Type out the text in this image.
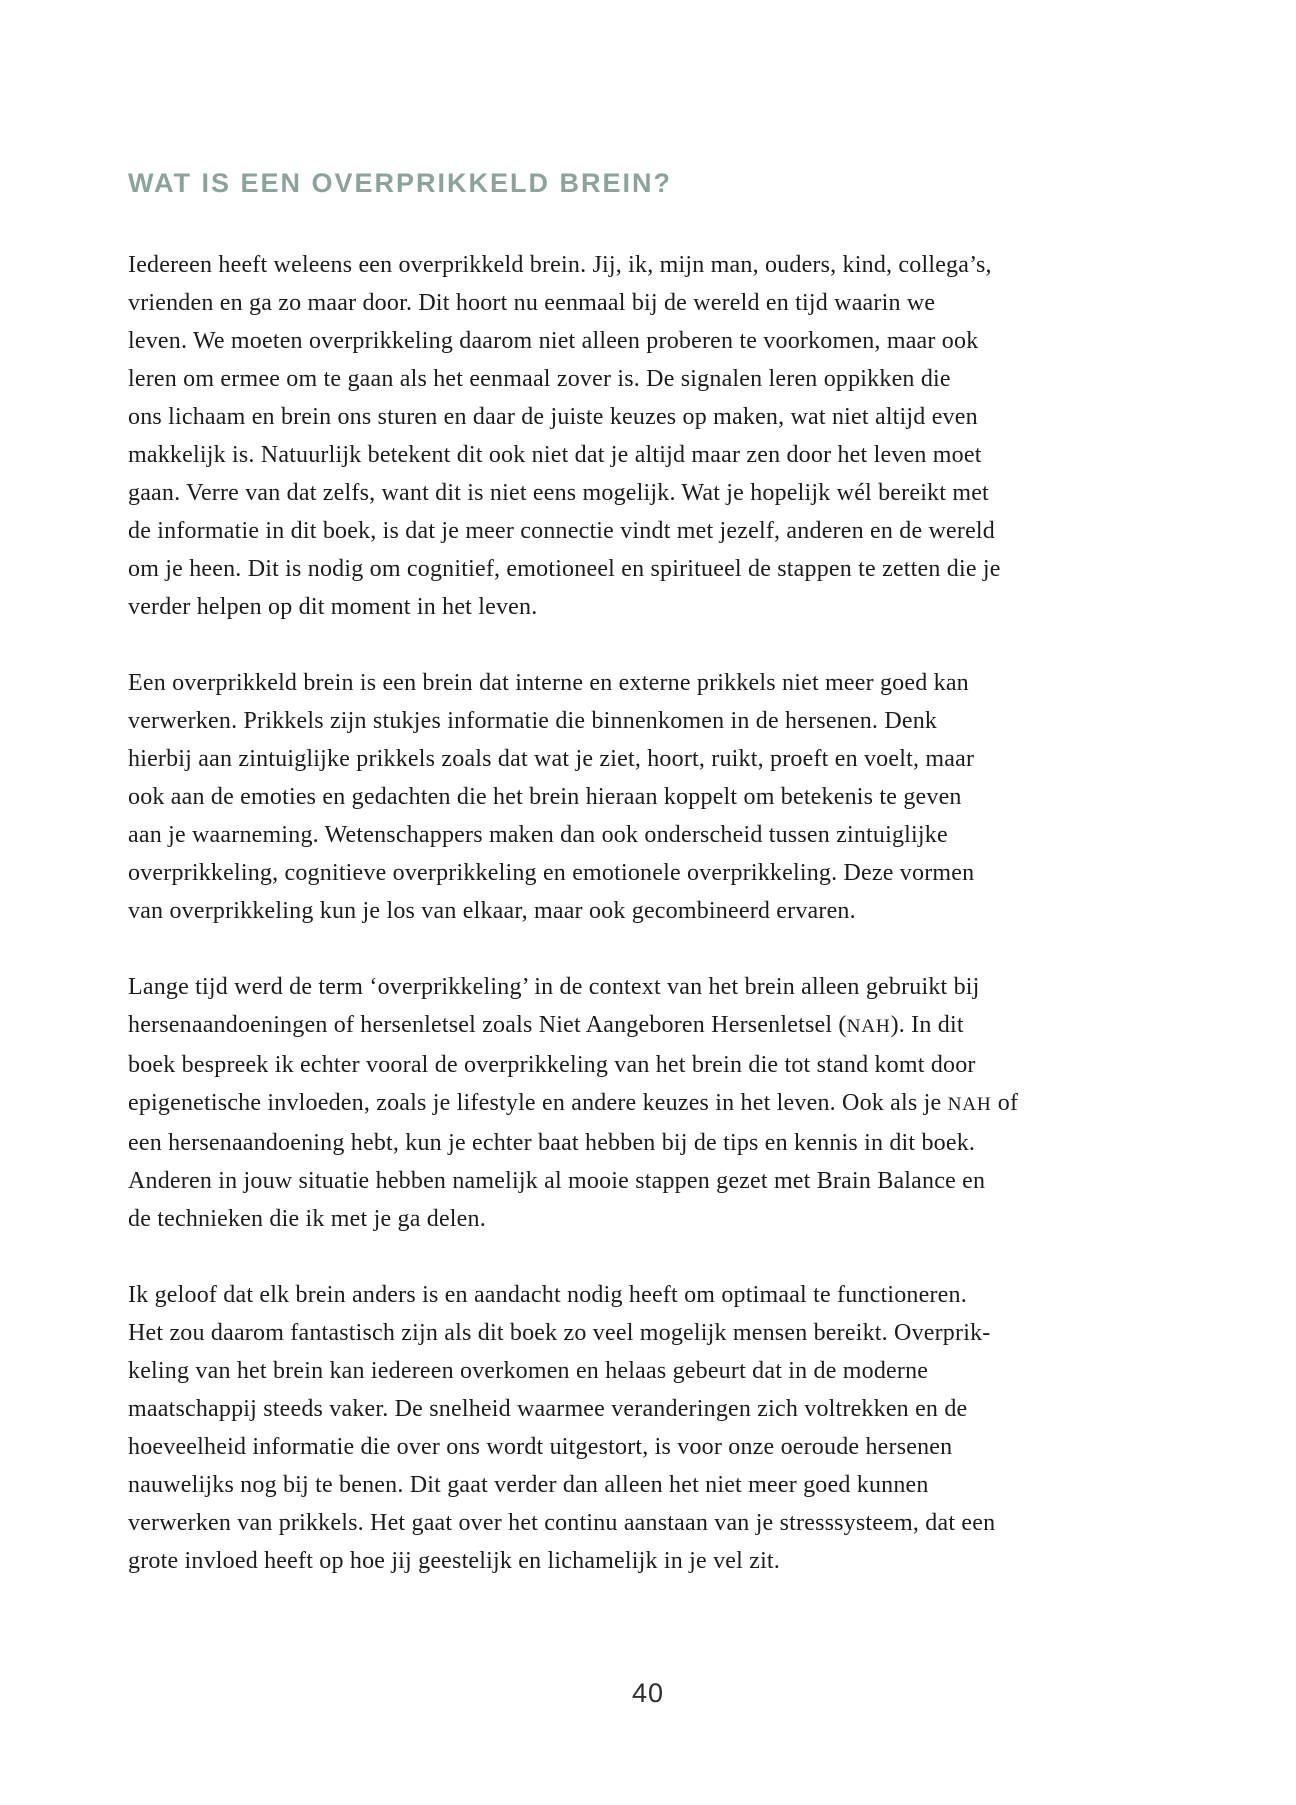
WAT IS EEN OVERPRIKKELD BREIN?

Iedereen heeft weleens een overprikkeld brein. Jij, ik, mijn man, ouders, kind, collega’s,
vrienden en ga zo maar door. Dit hoort nu eenmaal bij de wereld en tijd waarin we
leven. We moeten overprikkeling daarom niet alleen proberen te voorkomen, maar ook
leren om ermee om te gaan als het eenmaal zover is. De signalen leren oppikken die
ons lichaam en brein ons sturen en daar de juiste keuzes op maken, wat niet altijd even
makkelijk is. Natuurlijk betekent dit ook niet dat je altijd maar zen door het leven moet
gaan. Verre van dat zelfs, want dit is niet eens mogelijk. Wat je hopelijk wél bereikt met
de informatie in dit boek, is dat je meer connectie vindt met jezelf, anderen en de wereld
om je heen. Dit is nodig om cognitief, emotioneel en spiritueel de stappen te zetten die je
verder helpen op dit moment in het leven.

Een overprikkeld brein is een brein dat interne en externe prikkels niet meer goed kan
verwerken. Prikkels zijn stukjes informatie die binnenkomen in de hersenen. Denk
hierbij aan zintuiglijke prikkels zoals dat wat je ziet, hoort, ruikt, proeft en voelt, maar
ook aan de emoties en gedachten die het brein hieraan koppelt om betekenis te geven
aan je waarneming. Wetenschappers maken dan ook onderscheid tussen zintuiglijke
overprikkeling, cognitieve overprikkeling en emotionele overprikkeling. Deze vormen
van overprikkeling kun je los van elkaar, maar ook gecombineerd ervaren.

Lange tijd werd de term ‘overprikkeling’ in de context van het brein alleen gebruikt bij
hersenaandoeningen of hersenletsel zoals Niet Aangeboren Hersenletsel (NAH). In dit
boek bespreek ik echter vooral de overprikkeling van het brein die tot stand komt door
epigenetische invloeden, zoals je lifestyle en andere keuzes in het leven. Ook als je NAH of
een hersenaandoening hebt, kun je echter baat hebben bij de tips en kennis in dit boek.
Anderen in jouw situatie hebben namelijk al mooie stappen gezet met Brain Balance en
de technieken die ik met je ga delen.

Ik geloof dat elk brein anders is en aandacht nodig heeft om optimaal te functioneren.
Het zou daarom fantastisch zijn als dit boek zo veel mogelijk mensen bereikt. Overprik-
keling van het brein kan iedereen overkomen en helaas gebeurt dat in de moderne
maatschappij steeds vaker. De snelheid waarmee veranderingen zich voltrekken en de
hoeveelheid informatie die over ons wordt uitgestort, is voor onze oeroude hersenen
nauwelijks nog bij te benen. Dit gaat verder dan alleen het niet meer goed kunnen
verwerken van prikkels. Het gaat over het continu aanstaan van je stresssysteem, dat een
grote invloed heeft op hoe jij geestelijk en lichamelijk in je vel zit.

40
